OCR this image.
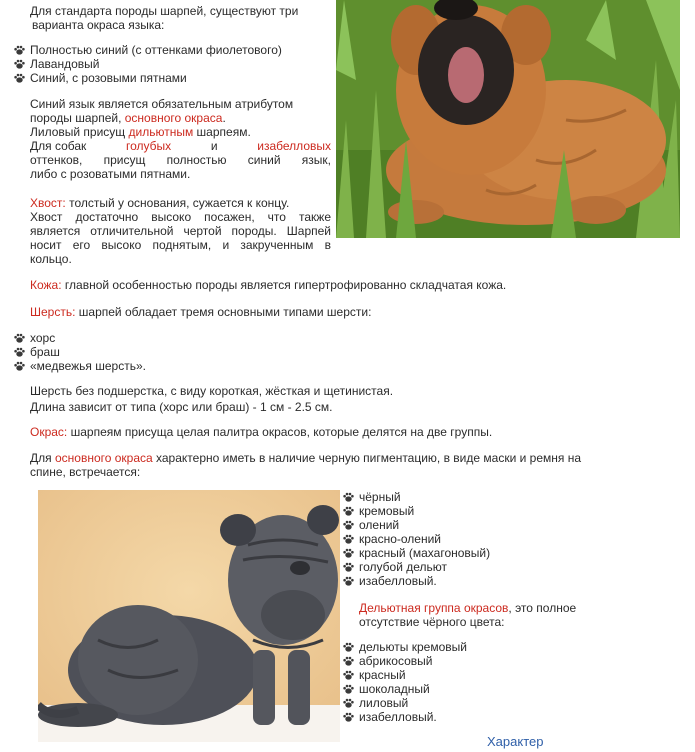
Для стандарта породы шарпей, существуют три
варианта окраса языка:
Полностью синий (с оттенками фиолетового)
Лавандовый
Синий, с розовыми пятнами
Синий язык является обязательным атрибутом
породы шарпей, основного окраса.
Лиловый присущ дильютным шарпеям.
Для собак	голубых	и	изабелловых
оттенков, присущ полностью синий язык,
либо с розоватыми пятнами.
Хвост: толстый у основания, сужается к концу.
Хвост достаточно высоко посажен, что также
является отличительной чертой породы. Шарпей
носит его высоко поднятым, и закрученным в
кольцо.
Кожа: главной особенностью породы является гипертрофированно складчатая кожа.
Шерсть: шарпей обладает тремя основными типами шерсти:
хорс
браш
«медвежья шерсть».
Шерсть без подшерстка, с виду короткая, жёсткая и щетинистая.
Длина зависит от типа (хорс или браш) - 1 см - 2.5 см.
Окрас: шарпеям присуща целая палитра окрасов, которые делятся на две группы.
Для основного окраса характерно иметь в наличие черную пигментацию, в виде маски и ремня на
спине, встречается:
чёрный
кремовый
олений
красно-олений
красный (махагоновый)
голубой дельют
изабелловый.
Дельютная группа окрасов , это полное
отсутствие чёрного цвета:
дельюты кремовый
абрикосовый
красный
шоколадный
лиловый
изабелловый.
Характер
